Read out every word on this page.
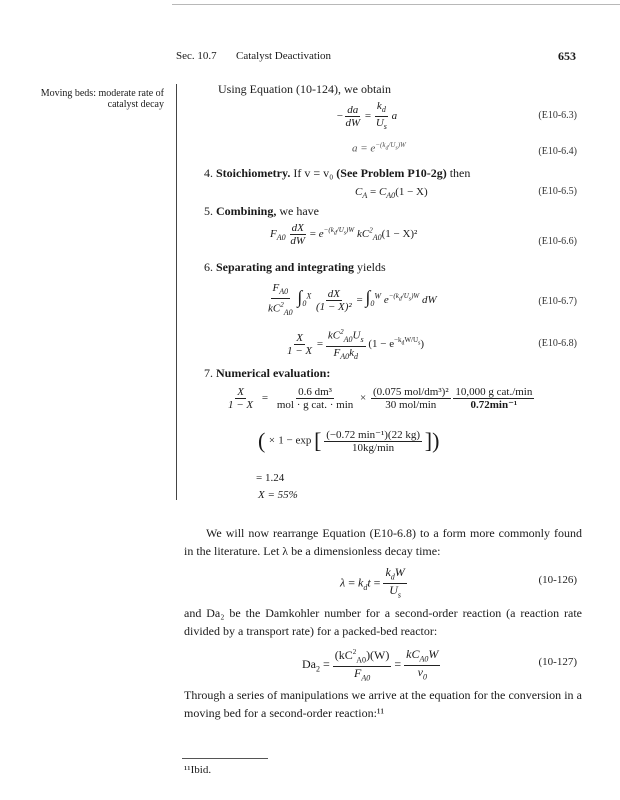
Sec. 10.7 Catalyst Deactivation	653
Moving beds: moderate rate of catalyst decay
Using Equation (10-124), we obtain
− $\frac{da}{dW} = \frac{k_d}{U_s}$ a	(E10-6.3)
$a = e^{-(k_d/U_s)W}$
(E10-6.4)
4. Stoichiometry. If v = v₀ (See Problem P10-2g) then
$C_A = C_{A0}(1 - X)$	(E10-6.5)
5. Combining, we have
$F_{A0} \frac{dX}{dW} = e^{-(k_d/U_s)W}$ $kC^2_{A0}(1 - X)^2$
(E10-6.6)
6. Separating and integrating yields
$\frac{F_{A0}}{kC^2_{A0}} \int_0^X \frac{dX}{\text{(1 − X)²}} = \int_0^W$ $e^{-(k_d/U_s)W}$ dW	(E10-6.7)
$\frac{X}{1 - X} = \frac{kC^2_{A0}U_s}{F_{A0}k_d} (1 - e^{-k_dW/U_s})$	(E10-6.8)
7. Numerical evaluation:
$\frac{X}{1 - X} = \frac{\text{0.6 dm³}}{\text{mol · g cat. · min}} \times \frac{\text{(0.075 mol/dm³)²}}{\text{30 mol/min}}$
$\frac{\text{10,000 g cat./min}}{\text{0.72min⁻¹}}$
( × 1 − exp [ $\frac{\text{(−0.72 min⁻¹)(22 kg)}}{10kg/\min}$ ])
= 1.24
X = 55%
We will now rearrange Equation (E10-6.8) to a form more commonly found in the literature. Let λ be a dimensionless decay time:
$\lambda = k_dt = \frac{k_dW}{U_s}$	(10-126)
and Da₂ be the Damkohler number for a second-order reaction (a reaction rate divided by a transport rate) for a packed-bed reactor:
$Da_2 = \frac{(kC^2_{A0})(W)}{F_{A0}} = \frac{kC_{A0}W}{v_0}$	(10-127)
Through a series of manipulations we arrive at the equation for the conversion in a moving bed for a second-order reaction:¹¹
¹¹Ibid.
